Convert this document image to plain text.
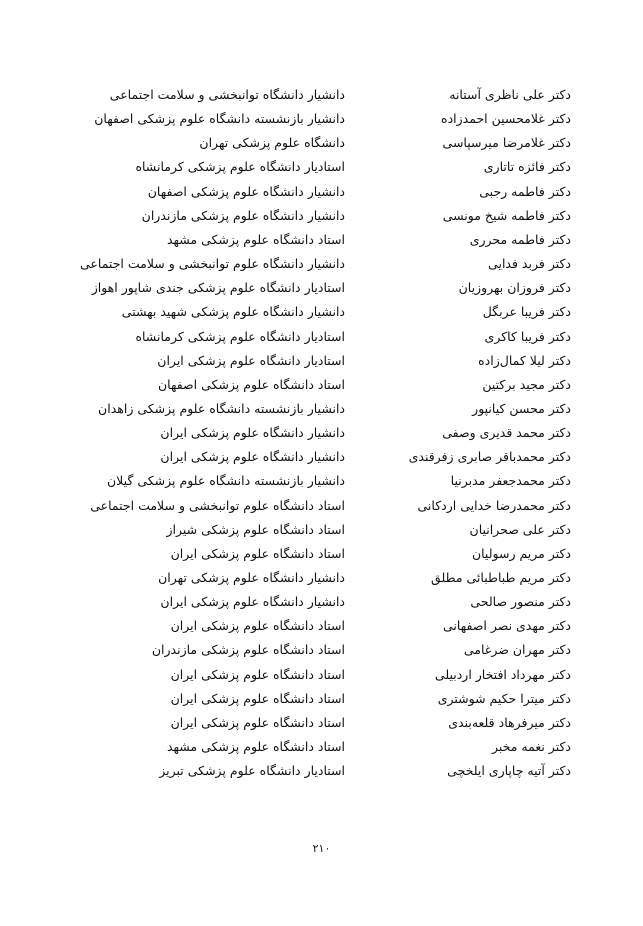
دکتر علی ناظری آستانه
دانشیار دانشگاه توانبخشی و سلامت اجتماعی
دکتر غلامحسین احمدزاده
دانشیار بازنشسته دانشگاه علوم پزشکی اصفهان
دکتر غلامرضا میرسپاسی
دانشگاه علوم پزشکی تهران
دکتر فائزه تاتاری
استادیار دانشگاه علوم پزشکی کرمانشاه
دکتر فاطمه رجبی
دانشیار دانشگاه علوم پزشکی اصفهان
دکتر فاطمه شیخ مونسی
دانشیار دانشگاه علوم پزشکی مازندران
دکتر فاطمه محرری
استاد دانشگاه علوم پزشکی مشهد
دکتر فربد فدایی
دانشیار دانشگاه علوم توانبخشی و سلامت اجتماعی
دکتر فروزان بهروزیان
استادیار دانشگاه علوم پزشکی جندی شاپور اهواز
دکتر فریبا عربگل
دانشیار دانشگاه علوم پزشکی شهید بهشتی
دکتر فریبا کاکری
استادیار دانشگاه علوم پزشکی کرمانشاه
دکتر لیلا کمال‌زاده
استادیار دانشگاه علوم پزشکی ایران
دکتر مجید برکتین
استاد دانشگاه علوم پزشکی اصفهان
دکتر محسن کیانپور
دانشیار بازنشسته دانشگاه علوم پزشکی زاهدان
دکتر محمد قدیری وصفی
دانشیار دانشگاه علوم پزشکی ایران
دکتر محمدباقر صابری زفرقندی
دانشیار دانشگاه علوم پزشکی ایران
دکتر محمدجعفر مدبرنیا
دانشیار بازنشسته دانشگاه علوم پزشکی گیلان
دکتر محمدرضا خدایی اردکانی
استاد دانشگاه علوم توانبخشی و سلامت اجتماعی
دکتر علی صحرانیان
استاد دانشگاه علوم پزشکی شیراز
دکتر مریم رسولیان
استاد دانشگاه علوم پزشکی ایران
دکتر مریم طباطبائی مطلق
دانشیار دانشگاه علوم پزشکی تهران
دکتر منصور صالحی
دانشیار دانشگاه علوم پزشکی ایران
دکتر مهدی نصر اصفهانی
استاد دانشگاه علوم پزشکی ایران
دکتر مهران ضرغامی
استاد دانشگاه علوم پزشکی مازندران
دکتر مهرداد افتخار اردبیلی
استاد دانشگاه علوم پزشکی ایران
دکتر میترا حکیم شوشتری
استاد دانشگاه علوم پزشکی ایران
دکتر میرفرهاد قلعه‌بندی
استاد دانشگاه علوم پزشکی ایران
دکتر نغمه مخبر
استاد دانشگاه علوم پزشکی مشهد
دکتر آتیه چاپاری ایلخچی
استادیار دانشگاه علوم پزشکی تبریز
۲۱۰
